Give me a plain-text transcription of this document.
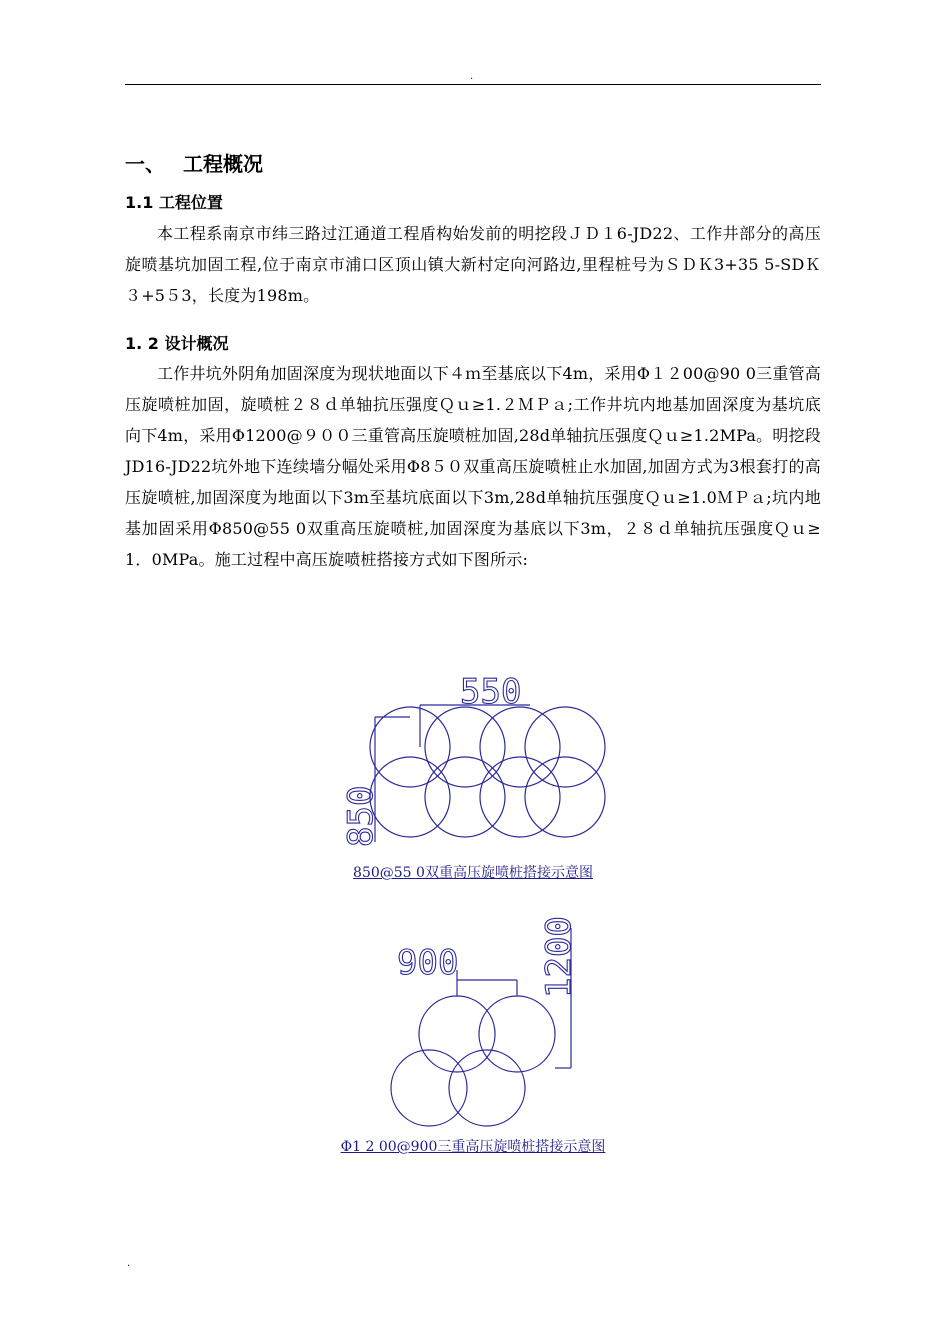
.
一、 工程概况
1.1 工程位置
本工程系南京市纬三路过江通道工程盾构始发前的明挖段ＪＤ１6-JD22、工作井部分的高压旋喷基坑加固工程,位于南京市浦口区顶山镇大新村定向河路边,里程桩号为ＳＤＫ3+35 5-SDＫ３+5５3，长度为198m。
1. 2 设计概况
工作井坑外阴角加固深度为现状地面以下４ｍ至基底以下4m，采用Φ１２00@90 0三重管高压旋喷桩加固，旋喷桩２８ｄ单轴抗压强度Ｑｕ≥1.２ＭＰａ;工作井坑内地基加固深度为基坑底向下4m，采用Φ1200@９００三重管高压旋喷桩加固,28d单轴抗压强度Ｑｕ≥1.2MPa。明挖段JD16-JD22坑外地下连续墙分幅处采用Φ8５０双重高压旋喷桩止水加固,加固方式为3根套打的高压旋喷桩,加固深度为地面以下3m至基坑底面以下3m,28d单轴抗压强度Ｑｕ≥1.0ＭＰａ;坑内地基加固采用Φ850@55 0双重高压旋喷桩,加固深度为基底以下3m，２８ｄ单轴抗压强度Ｑｕ≥1．0MPa。施工过程中高压旋喷桩搭接方式如下图所示:
550
850
850@55 0双重高压旋喷桩搭接示意图
900 1200
Φ1 2 00@900三重高压旋喷桩搭接示意图
.
